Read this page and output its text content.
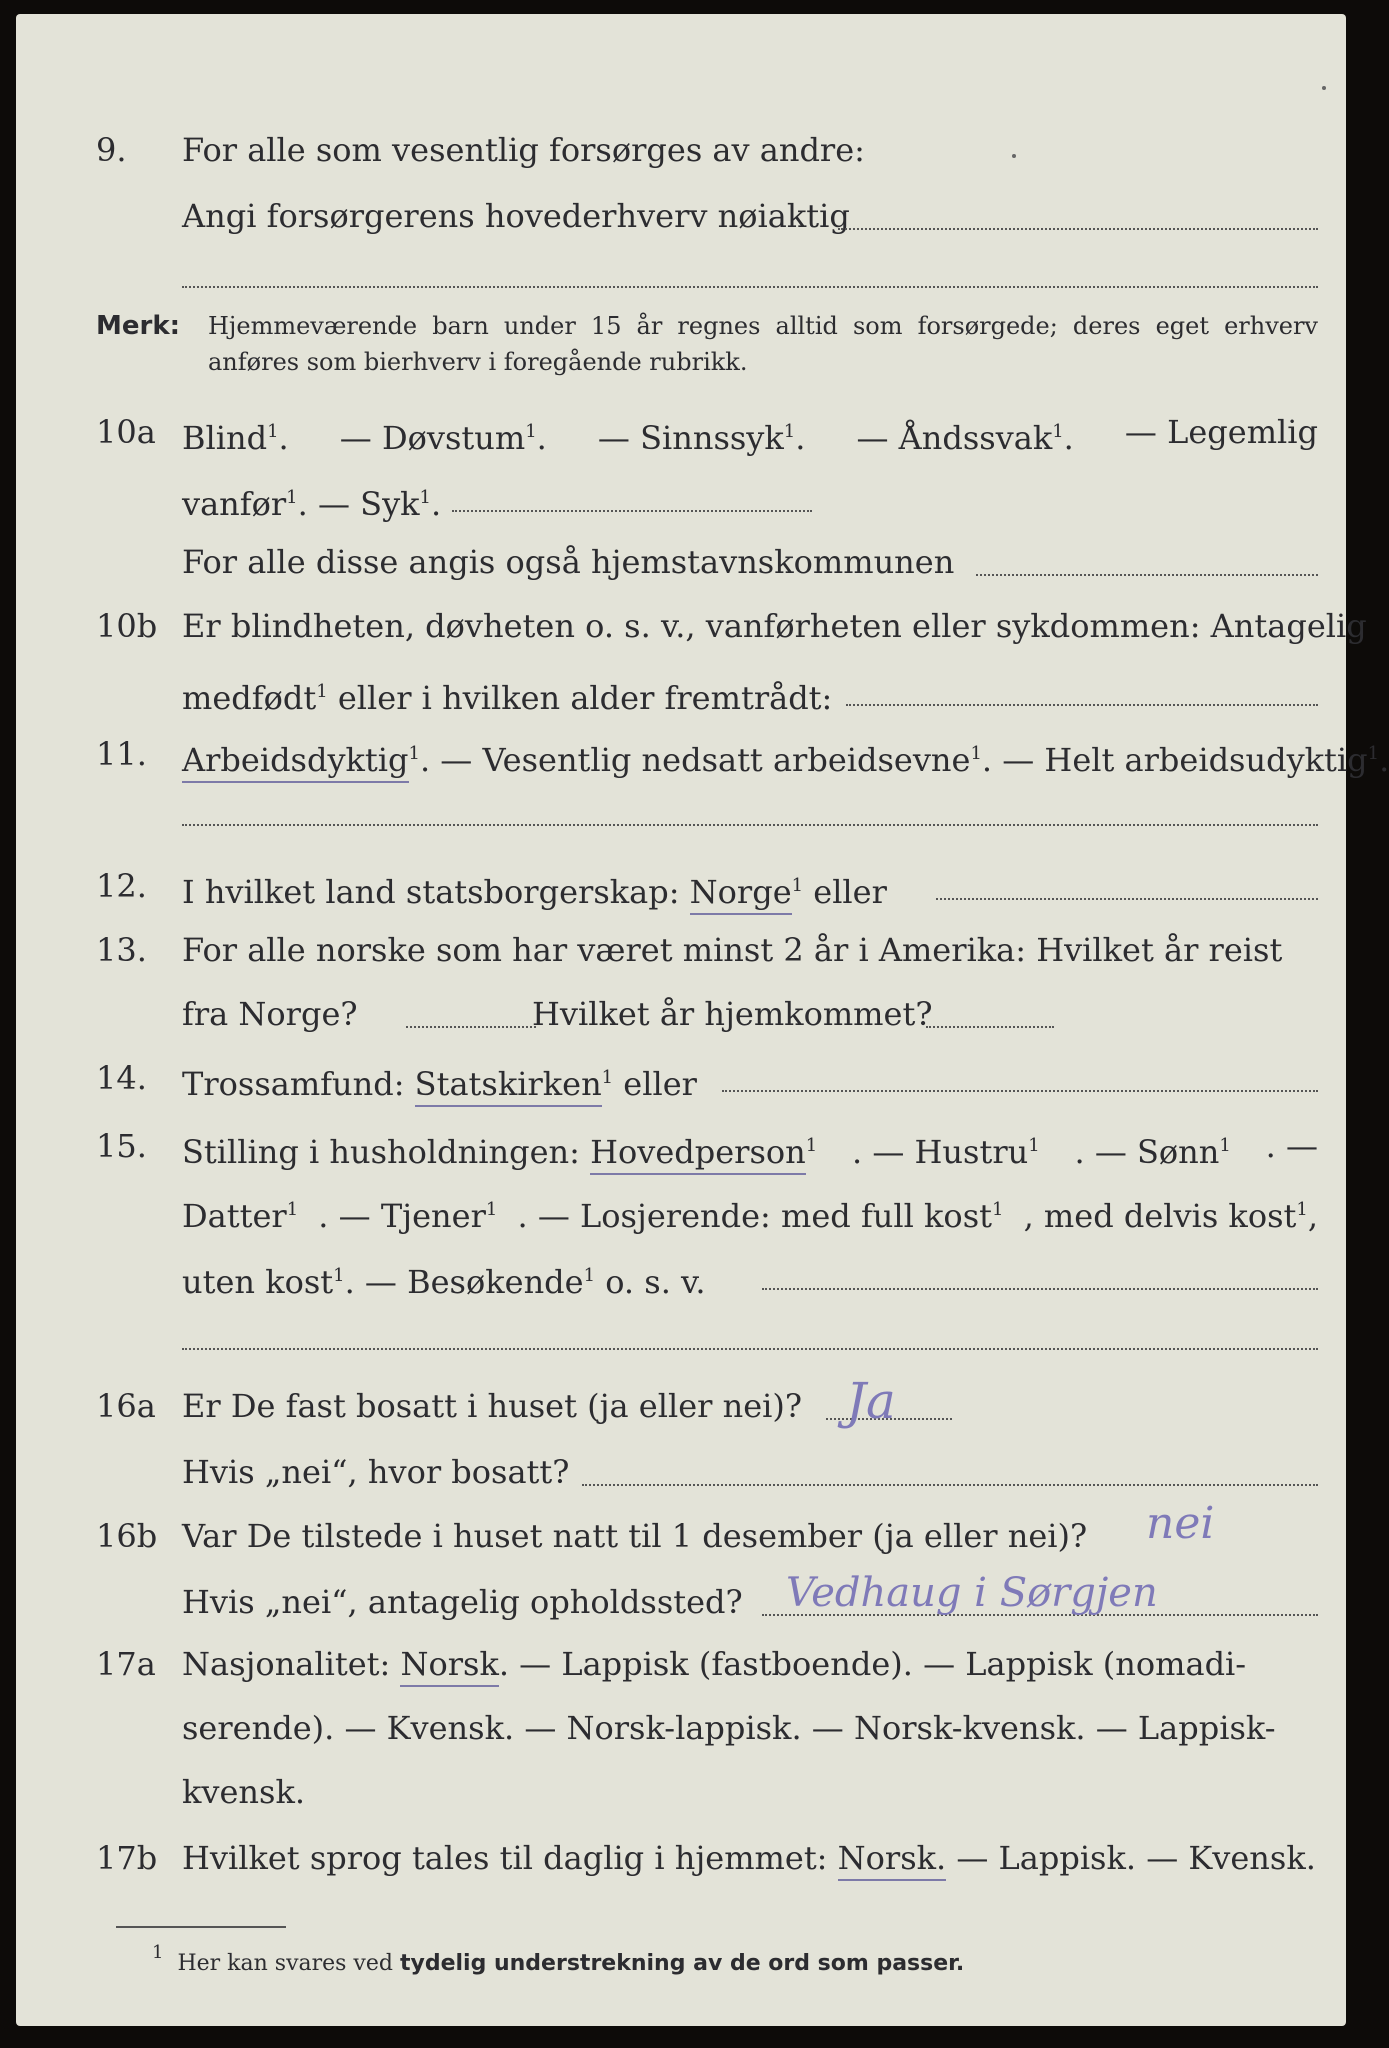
9.	For alle som vesentlig forsørges av andre:
Angi forsørgerens hovederhverv nøiaktig
Merk: Hjemmeværende barn under 15 år regnes alltid som forsørgede; deres eget erhverv anføres som bierhverv i foregående rubrikk.
10a Blind$^1$. — Døvstum$^1$. — Sinnssyk$^1$. — Åndssvak$^1$. — Legemlig
vanfør$^1$. — Syk$^1$.
For alle disse angis også hjemstavnskommunen
10b Er blindheten, døvheten o. s. v., vanførheten eller sykdommen: Antagelig
medfødt$^1$ eller i hvilken alder fremtrådt:
11.	Arbeidsdyktig$^1$. — Vesentlig nedsatt arbeidsevne$^1$. — Helt arbeidsudyktig$^1$.
12.	I hvilket land statsborgerskap: Norge$^1$ eller
13.	For alle norske som har været minst 2 år i Amerika: Hvilket år reist
fra Norge?	Hvilket år hjemkommet?
14.	Trossamfund: Statskirken$^1$ eller
15.	Stilling i husholdningen: Hovedperson$^1$ . — Hustru$^1$ . — Sønn$^1$ . —
Datter$^1$ . — Tjener$^1$ . — Losjerende: med full kost$^1$ , med delvis kost$^1$,
uten kost$^1$. — Besøkende$^1$ o. s. v.
16a Er De fast bosatt i huset (ja eller nei)? Ja
Hvis „nei“, hvor bosatt?
16b Var De tilstede i huset natt til 1 desember (ja eller nei)? nei
Hvis „nei“, antagelig opholdssted? Vedhaug i Sørgjen
17a Nasjonalitet: Norsk. — Lappisk (fastboende). — Lappisk (nomadi-
serende). — Kvensk. — Norsk-lappisk. — Norsk-kvensk. — Lappisk-
kvensk.
17b Hvilket sprog tales til daglig i hjemmet: Norsk. — Lappisk. — Kvensk.
$^1$ Her kan svares ved tydelig understrekning av de ord som passer.
